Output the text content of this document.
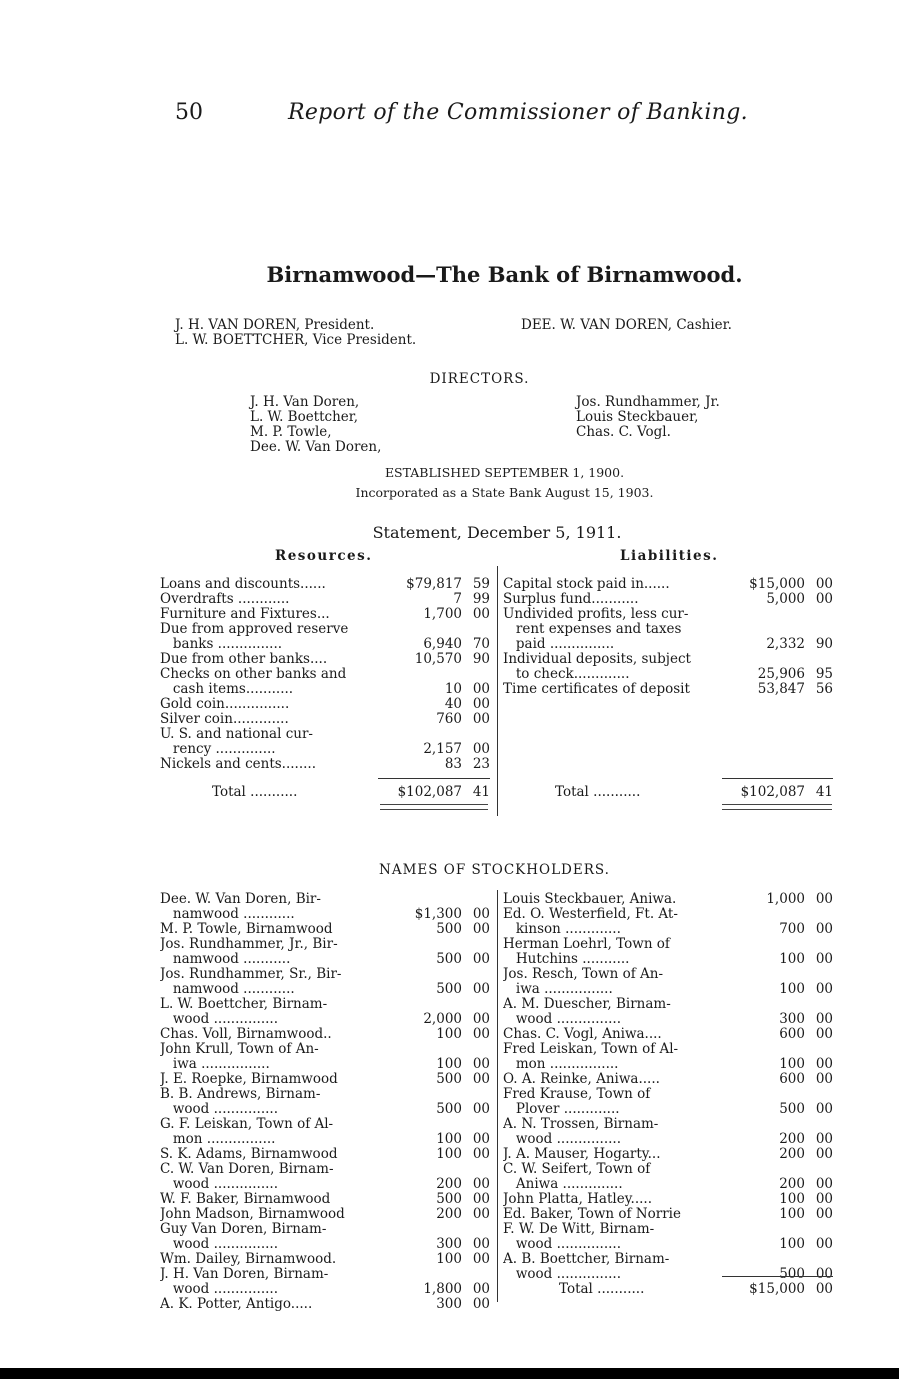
50	Report of the Commissioner of Banking.
Birnamwood—The Bank of Birnamwood.
J. H. VAN DOREN, President.
L. W. BOETTCHER, Vice President.
DEE. W. VAN DOREN, Cashier.
DIRECTORS.
J. H. Van Doren,
L. W. Boettcher,
M. P. Towle,
Dee. W. Van Doren,
Jos. Rundhammer, Jr.
Louis Steckbauer,
Chas. C. Vogl.
ESTABLISHED SEPTEMBER 1, 1900.
Incorporated as a State Bank August 15, 1903.
Statement, December 5, 1911.
Resources.	Liabilities.
Loans and discounts......	$79,817 59
Overdrafts ............	7 99
Furniture and Fixtures...	1,700 00
Due from approved reserve
banks ...............	6,940 70
Due from other banks....	10,570 90
Checks on other banks and
cash items...........	10 00
Gold coin...............	40 00
Silver coin.............	760 00
U. S. and national cur-
rency ..............	2,157 00
Nickels and cents........	83 23
Capital stock paid in......	$15,000 00
Surplus fund...........	5,000 00
Undivided profits, less cur-
rent expenses and taxes
paid ...............	2,332 90
Individual deposits, subject
to check.............	25,906 95
Time certificates of deposit	53,847 56
Total ...........	$102,087 41	Total ...........	$102,087 41
NAMES OF STOCKHOLDERS.
Dee. W. Van Doren, Bir-
namwood ............	$1,300 00
M. P. Towle, Birnamwood	500 00
Jos. Rundhammer, Jr., Bir-
namwood ...........	500 00
Jos. Rundhammer, Sr., Bir-
namwood ............	500 00
L. W. Boettcher, Birnam-
wood ...............	2,000 00
Chas. Voll, Birnamwood..	100 00
John Krull, Town of An-
iwa ................	100 00
J. E. Roepke, Birnamwood	500 00
B. B. Andrews, Birnam-
wood ...............	500 00
G. F. Leiskan, Town of Al-
mon ................	100 00
S. K. Adams, Birnamwood	100 00
C. W. Van Doren, Birnam-
wood ...............	200 00
W. F. Baker, Birnamwood	500 00
John Madson, Birnamwood	200 00
Guy Van Doren, Birnam-
wood ...............	300 00
Wm. Dailey, Birnamwood.	100 00
J. H. Van Doren, Birnam-
wood ...............	1,800 00
A. K. Potter, Antigo.....	300 00
Louis Steckbauer, Aniwa.	1,000 00
Ed. O. Westerfield, Ft. At-
kinson .............	700 00
Herman Loehrl, Town of
Hutchins ...........	100 00
Jos. Resch, Town of An-
iwa ................	100 00
A. M. Duescher, Birnam-
wood ...............	300 00
Chas. C. Vogl, Aniwa....	600 00
Fred Leiskan, Town of Al-
mon ................	100 00
O. A. Reinke, Aniwa.....	600 00
Fred Krause, Town of
Plover .............	500 00
A. N. Trossen, Birnam-
wood ...............	200 00
J. A. Mauser, Hogarty...	200 00
C. W. Seifert, Town of
Aniwa ..............	200 00
John Platta, Hatley.....	100 00
Ed. Baker, Town of Norrie	100 00
F. W. De Witt, Birnam-
wood ...............	100 00
A. B. Boettcher, Birnam-
wood ...............	500 00
Total ...........	$15,000 00
